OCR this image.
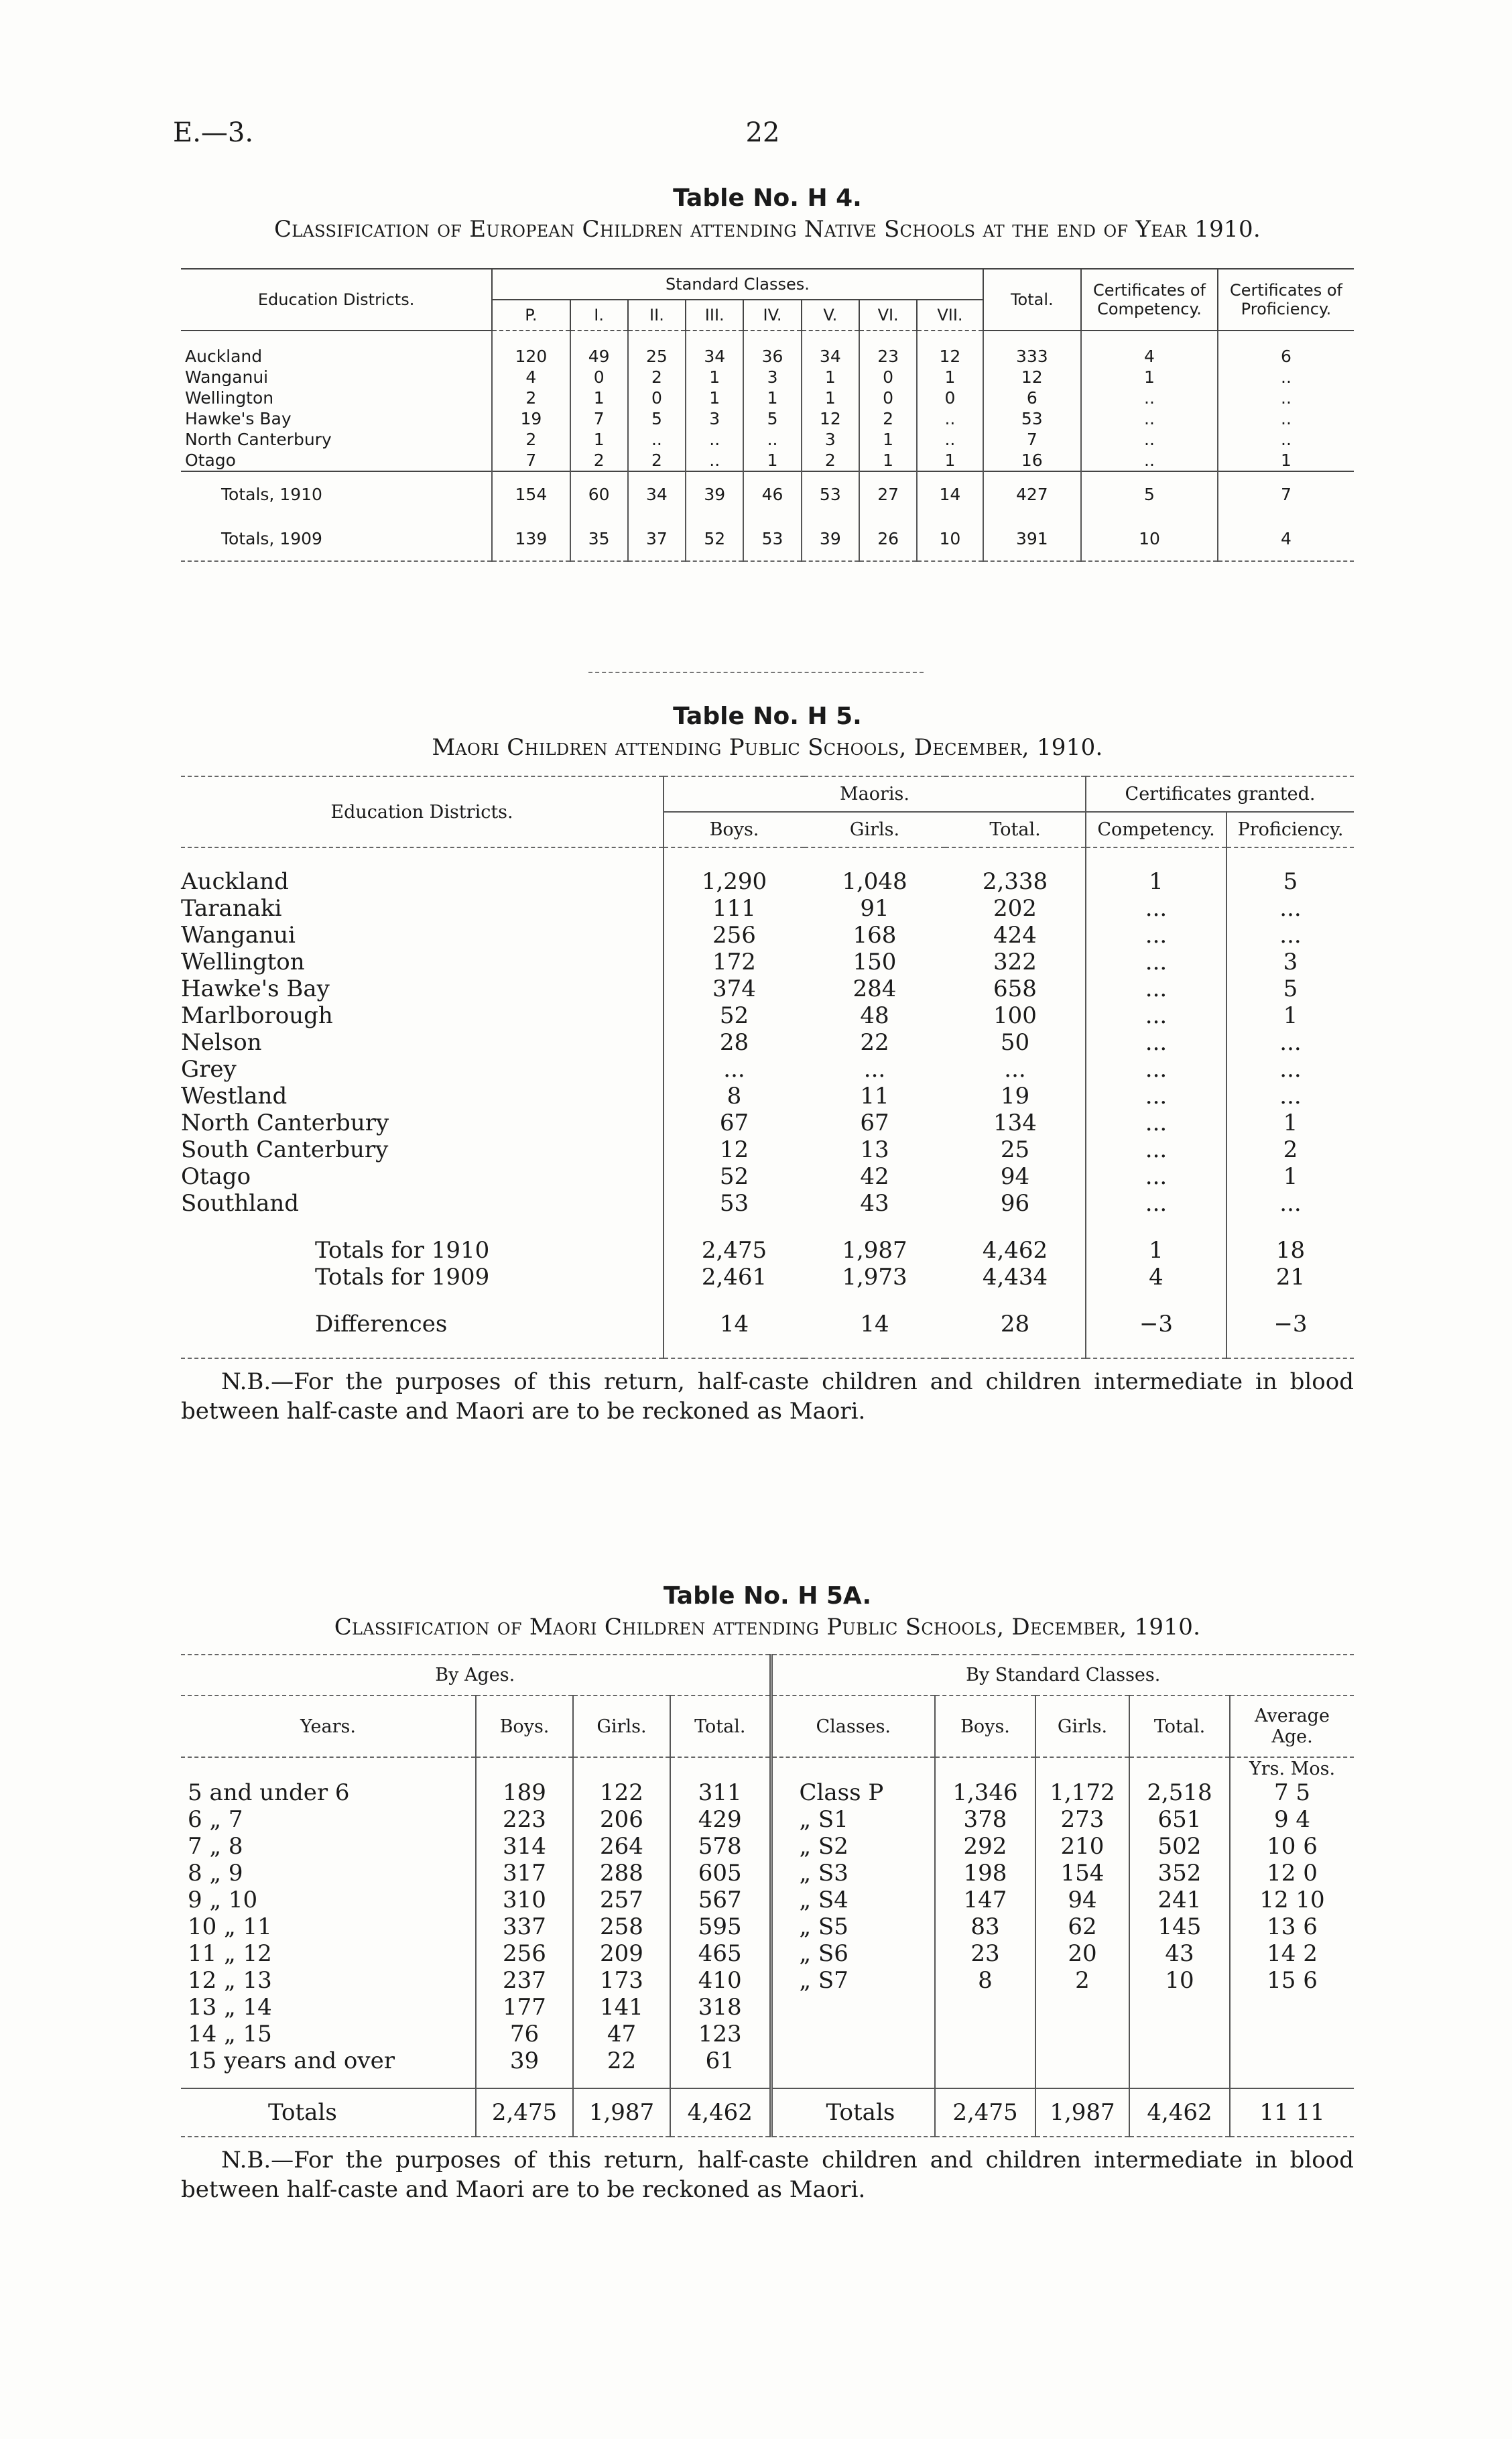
E.—3.	22
Table No. H 4.
Classification of European Children attending Native Schools at the end of Year 1910.
Education Districts.	Standard Classes.								Total.	Certificates of Competency.	Certificates of Proficiency.
	P.	I.	II.	III.	IV.	V.	VI.	VII.			

Auckland	120	49	25	34	36	34	23	12	333	4	6
Wanganui	4	0	2	1	3	1	0	1	12	1	..
Wellington	2	1	0	1	1	1	0	0	6	..	..
Hawke's Bay	19	7	5	3	5	12	2	..	53	..	..
North Canterbury	2	1	..	..	..	3	1	..	7	..	..
Otago	7	2	2	..	1	2	1	1	16	..	1
Totals, 1910	154	60	34	39	46	53	27	14	427	5	7
Totals, 1909	139	35	37	52	53	39	26	10	391	10	4
Table No. H 5.
Maori Children attending Public Schools, December, 1910.
Education Districts.	Maoris.			Certificates granted.	
	Boys.	Girls.	Total.	Competency.	Proficiency.

Auckland	1,290	1,048	2,338	1	5
Taranaki	111	91	202	...	...
Wanganui	256	168	424	...	...
Wellington	172	150	322	...	3
Hawke's Bay	374	284	658	...	5
Marlborough	52	48	100	...	1
Nelson	28	22	50	...	...
Grey	...	...	...	...	...
Westland	8	11	19	...	...
North Canterbury	67	67	134	...	1
South Canterbury	12	13	25	...	2
Otago	52	42	94	...	1
Southland	53	43	96	...	...

Totals for 1910	2,475	1,987	4,462	1	18
Totals for 1909	2,461	1,973	4,434	4	21

Differences	14	14	28	−3	−3

N.B.—For the purposes of this return, half-caste children and children intermediate in blood between half-caste and Maori are to be reckoned as Maori.

Table No. H 5A.
Classification of Maori Children attending Public Schools, December, 1910.
By Ages.				By Standard Classes.				
Years.	Boys.	Girls.	Total.	Classes.	Boys.	Girls.	Total.	Average Age.
								Yrs. Mos.
5 and under 6	189	122	311	Class P	1,346	1,172	2,518	7 5
6 „ 7	223	206	429	„ S1	378	273	651	9 4
7 „ 8	314	264	578	„ S2	292	210	502	10 6
8 „ 9	317	288	605	„ S3	198	154	352	12 0
9 „ 10	310	257	567	„ S4	147	94	241	12 10
10 „ 11	337	258	595	„ S5	83	62	145	13 6
11 „ 12	256	209	465	„ S6	23	20	43	14 2
12 „ 13	237	173	410	„ S7	8	2	10	15 6
13 „ 14	177	141	318					
14 „ 15	76	47	123					
15 years and over	39	22	61					

Totals	2,475	1,987	4,462	Totals	2,475	1,987	4,462	11 11

N.B.—For the purposes of this return, half-caste children and children intermediate in blood between half-caste and Maori are to be reckoned as Maori.
